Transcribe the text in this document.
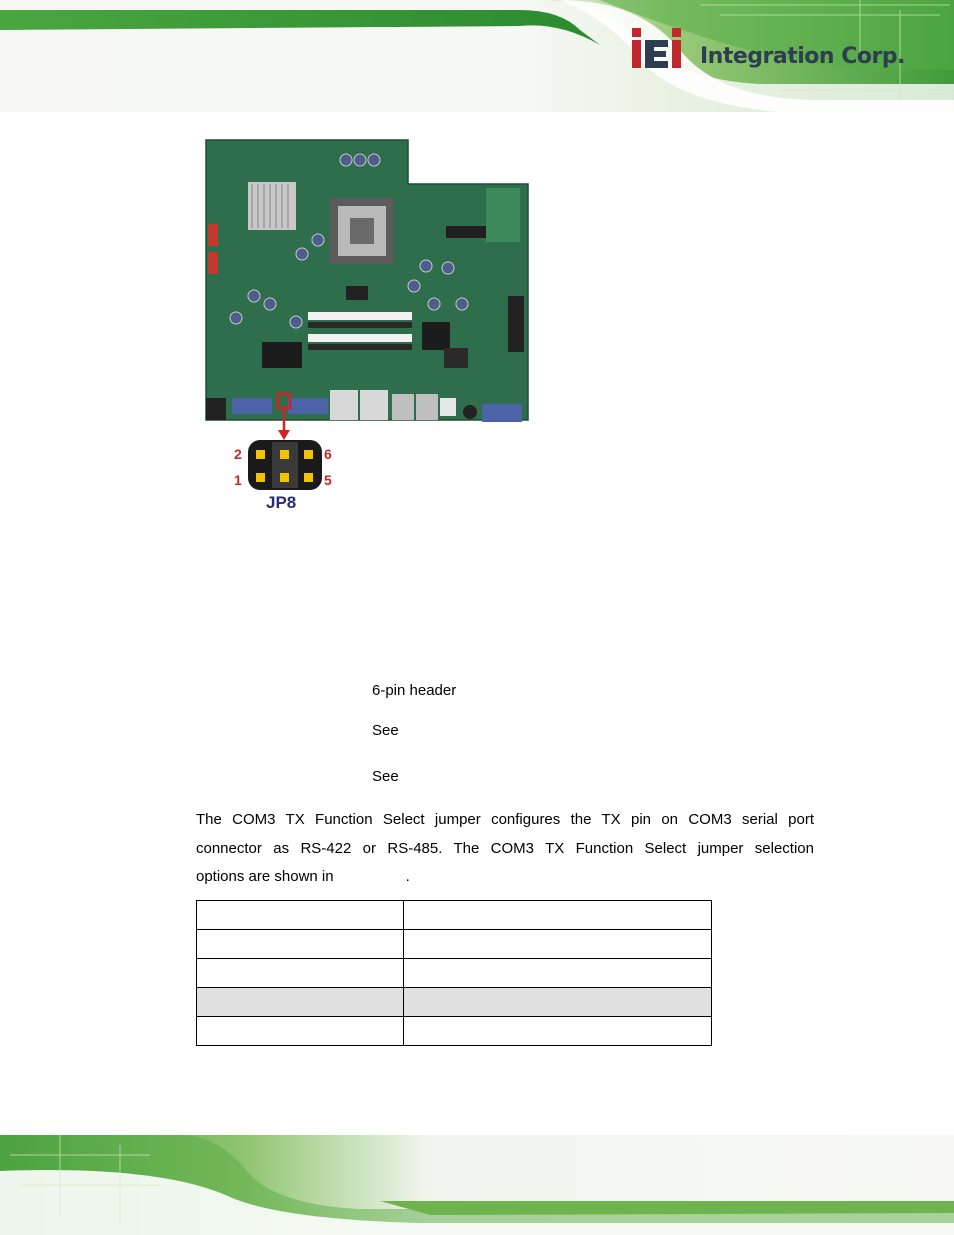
Integration Corp.
2
1
6
5
JP8
6-pin header
See
See
The COM3 TX Function Select jumper configures the TX pin on COM3 serial port
connector as RS-422 or RS-485. The COM3 TX Function Select jumper selection
options are shown in	.
